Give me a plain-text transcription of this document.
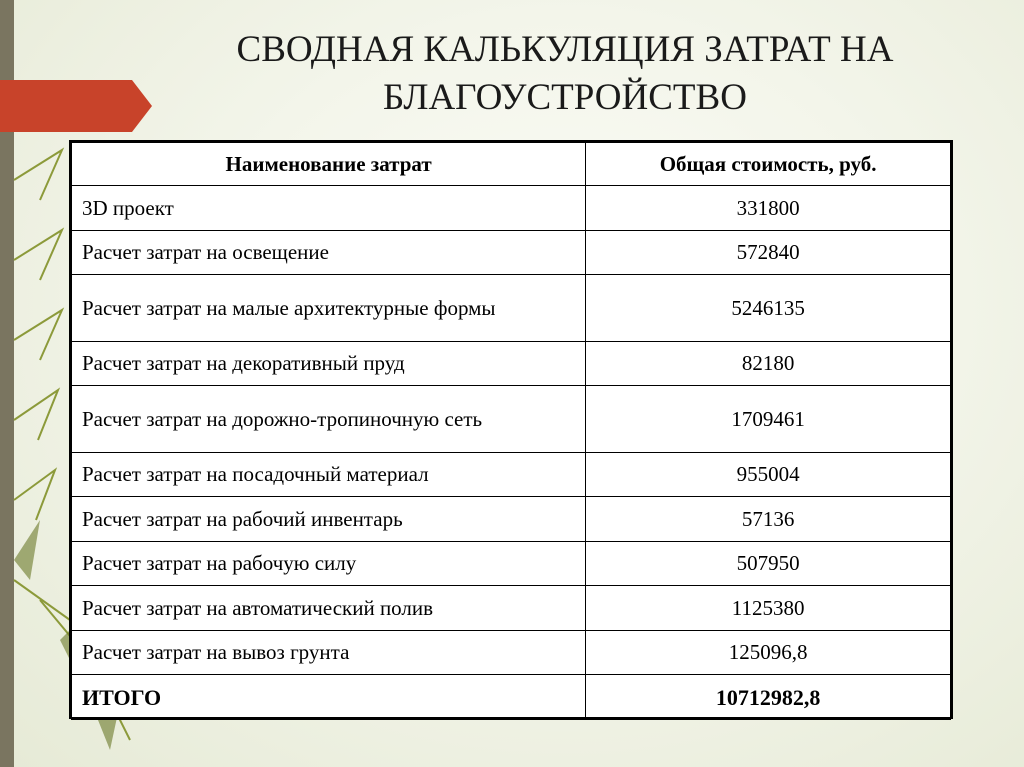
СВОДНАЯ КАЛЬКУЛЯЦИЯ ЗАТРАТ НА
БЛАГОУСТРОЙСТВО
Наименование затрат	Общая стоимость, руб.
3D проект	331800
Расчет затрат на освещение	572840
Расчет затрат на малые архитектурные формы	5246135
Расчет затрат на декоративный пруд	82180
Расчет затрат на дорожно-тропиночную сеть	1709461
Расчет затрат на посадочный материал	955004
Расчет затрат на рабочий инвентарь	57136
Расчет затрат на рабочую силу	507950
Расчет затрат на автоматический полив	1125380
Расчет затрат на вывоз грунта	125096,8
ИТОГО	10712982,8
